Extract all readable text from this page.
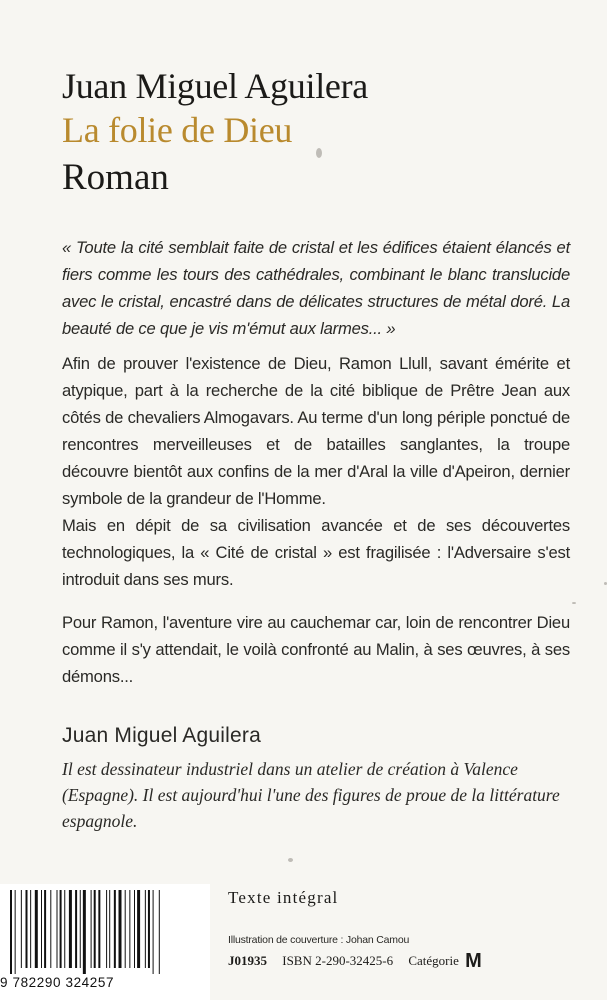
Juan Miguel Aguilera
La folie de Dieu
Roman
« Toute la cité semblait faite de cristal et les édifices étaient élancés et fiers comme les tours des cathédrales, combinant le blanc translucide avec le cristal, encastré dans de délicates structures de métal doré. La beauté de ce que je vis m'émut aux larmes... »
Afin de prouver l'existence de Dieu, Ramon Llull, savant émérite et atypique, part à la recherche de la cité biblique de Prêtre Jean aux côtés de chevaliers Almogavars. Au terme d'un long périple ponctué de rencontres merveilleuses et de batailles sanglantes, la troupe découvre bientôt aux confins de la mer d'Aral la ville d'Apeiron, dernier symbole de la grandeur de l'Homme.
Mais en dépit de sa civilisation avancée et de ses découvertes technologiques, la « Cité de cristal » est fragilisée : l'Adversaire s'est introduit dans ses murs.
Pour Ramon, l'aventure vire au cauchemar car, loin de rencontrer Dieu comme il s'y attendait, le voilà confronté au Malin, à ses œuvres, à ses démons...
Juan Miguel Aguilera
Il est dessinateur industriel dans un atelier de création à Valence (Espagne). Il est aujourd'hui l'une des figures de proue de la littérature espagnole.
9 782290 324257
Texte intégral
Illustration de couverture : Johan Camou
J01935 ISBN 2-290-32425-6 Catégorie M
